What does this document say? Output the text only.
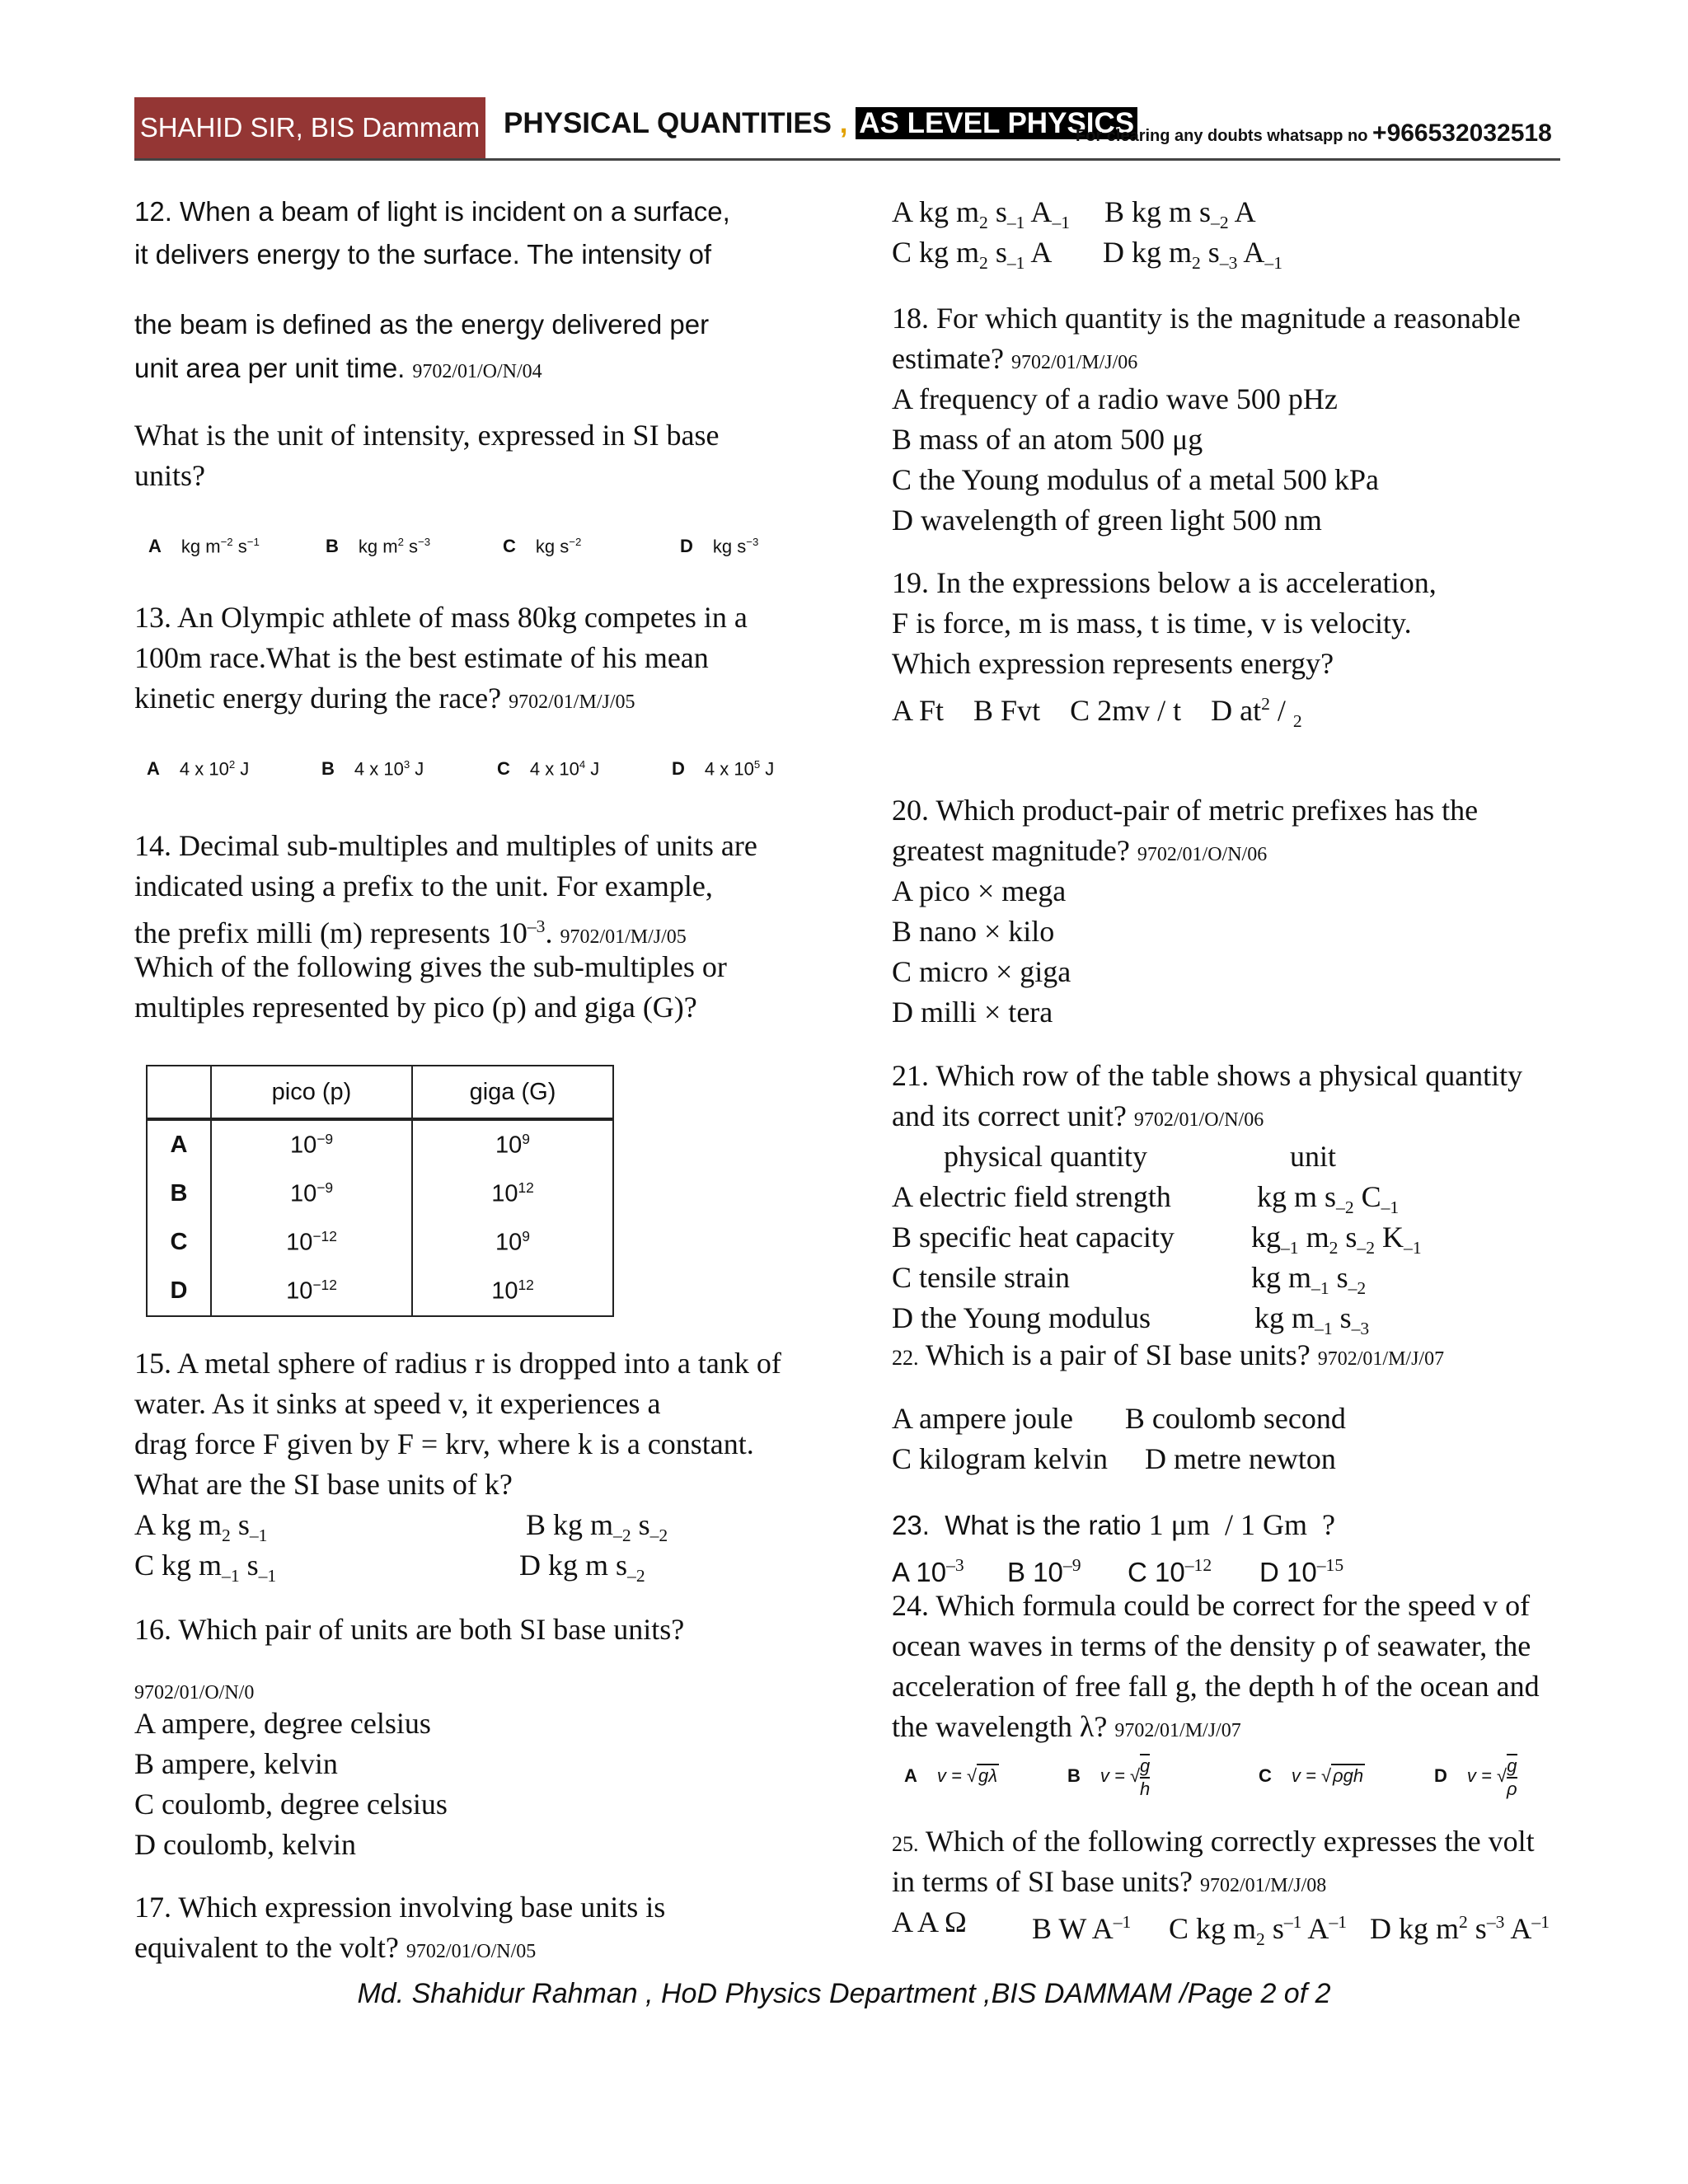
SHAHID SIR, BIS Dammam PHYSICAL QUANTITIES , AS LEVEL PHYSICS
For clearing any doubts whatsapp no +966532032518
12. When a beam of light is incident on a surface,
it delivers energy to the surface. The intensity of
the beam is defined as the energy delivered per
unit area per unit time. 9702/01/O/N/04
What is the unit of intensity, expressed in SI base
units?
A kg $m^{-2}$ $s^{-1}$	B kg $m^2$ $s^{-3}$	C kg $s^{-2}$	D kg $s^{-3}$
13. An Olympic athlete of mass 80kg competes in a
100m race.What is the best estimate of his mean
kinetic energy during the race? 9702/01/M/J/05
A 4 x $10^2$ J	B 4 x $10^3$ J	C 4 x $10^4$ J	D 4 x $10^5$ J
14. Decimal sub-multiples and multiples of units are
indicated using a prefix to the unit. For example,
the prefix milli (m) represents $10^{-3}$. 9702/01/M/J/05
Which of the following gives the sub-multiples or
multiples represented by pico (p) and giga (G)?
	pico (p)	giga (G)
A	$10^{-9}$	$10^9$
B	$10^{-9}$	$10^{12}$
C	$10^{-12}$	$10^9$
D	$10^{-12}$	$10^{12}$
15. A metal sphere of radius r is dropped into a tank of
water. As it sinks at speed v, it experiences a
drag force F given by F = krv, where k is a constant.
What are the SI base units of k?
A kg $m_2$ $s_{-1}$	B kg $m_{-2}$ $s_{-2}$
C kg $m_{-1}$ $s_{-1}$	D kg m $s_{-2}$
16. Which pair of units are both SI base units?
9702/01/O/N/0
A ampere, degree celsius
B ampere, kelvin
C coulomb, degree celsius
D coulomb, kelvin
17. Which expression involving base units is
equivalent to the volt? 9702/01/O/N/05
A kg $m_2$ $s_{-1}$ $A_{-1}$ B kg m $s_{-2}$ A
C kg $m_2$ $s_{-1}$ A D kg $m_2$ $s_{-3}$ $A_{-1}$
18. For which quantity is the magnitude a reasonable
estimate? 9702/01/M/J/06
A frequency of a radio wave 500 pHz
B mass of an atom 500 μg
C the Young modulus of a metal 500 kPa
D wavelength of green light 500 nm
19. In the expressions below a is acceleration,
F is force, m is mass, t is time, v is velocity.
Which expression represents energy?
A Ft    B Fvt    C 2mv / t    D $at^2 / _2$
20. Which product-pair of metric prefixes has the
greatest magnitude? 9702/01/O/N/06
A pico × mega
B nano × kilo
C micro × giga
D milli × tera
21. Which row of the table shows a physical quantity
and its correct unit? 9702/01/O/N/06
physical quantity	unit
A electric field strength	kg m $s_{-2}$ $C_{-1}$
B specific heat capacity	$kg_{-1}$ $m_2$ $s_{-2}$ $K_{-1}$
C tensile strain	kg $m_{-1}$ $s_{-2}$
D the Young modulus	kg $m_{-1}$ $s_{-3}$
22. Which is a pair of SI base units? 9702/01/M/J/07
A ampere joule       B coulomb second
C kilogram kelvin     D metre newton
23.  What is the ratio 1 μm  / 1 Gm  ?
A $10^{-3}$ B $10^{-9}$ C $10^{-12}$ D $10^{-15}$
24. Which formula could be correct for the speed v of
ocean waves in terms of the density ρ of seawater, the
acceleration of free fall g, the depth h of the ocean and
the wavelength λ? 9702/01/M/J/07
A v = √gλ	B v = √ $\frac{g}{h}$	C v = √ρgh	D v = √ $\frac{g}{\rho}$
25. Which of the following correctly expresses the volt
in terms of SI base units? 9702/01/M/J/08
A A Ω B W $A^{-1}$ C kg $m_2$ $s^{-1}$ $A^{-1}$ D kg $m^2$ $s^{-3}$ $A^{-1}$
Md. Shahidur Rahman , HoD Physics Department ,BIS DAMMAM /Page 2 of 2
